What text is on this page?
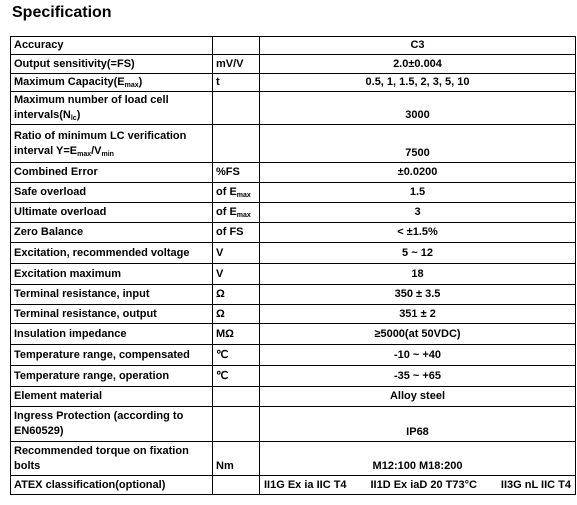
Specification
Accuracy		C3
Output sensitivity(=FS)	mV/V	2.0±0.004
Maximum $Capacity(E_{max})$	t	0.5, 1, 1.5, 2, 3, 5, 10
Maximum number of load cell
$intervals(N_{lc})$		3000
Ratio of minimum LC verification
interval $Y=E_{max}/V_{min}$		7500
Combined Error	%FS	±0.0200
Safe overload	of $E_{max}$	1.5
Ultimate overload	of $E_{max}$	3
Zero Balance	of FS	< ±1.5%
Excitation, recommended voltage	V	5 ~ 12
Excitation maximum	V	18
Terminal resistance, input	Ω	350 ± 3.5
Terminal resistance, output	Ω	351 ± 2
Insulation impedance	MΩ	≥5000(at 50VDC)
Temperature range, compensated	℃	-10 ~ +40
Temperature range, operation	℃	-35 ~ +65
Element material		Alloy steel
Ingress Protection (according to
EN60529)		IP68
Recommended torque on fixation
bolts	Nm	M12:100 M18:200
ATEX classification(optional)		II1G Ex ia IIC T4 II1D Ex iaD 20 T73°C II3G nL IIC T4
